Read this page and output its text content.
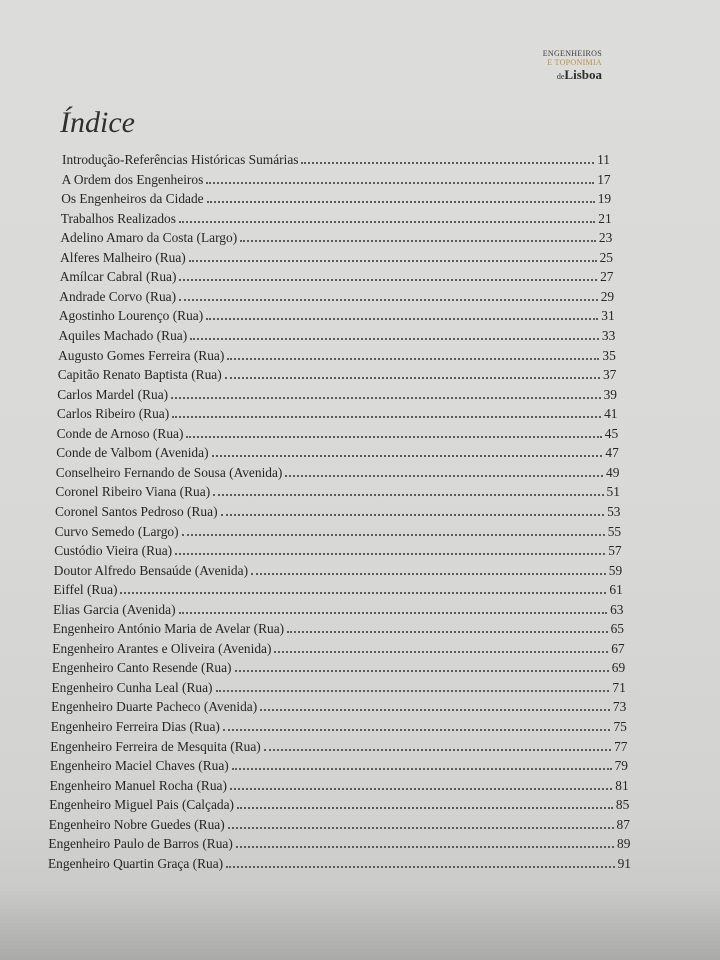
ENGENHEIROS
E TOPONIMIA
deLisboa
Índice
Introdução-Referências Históricas Sumárias	11
A Ordem dos Engenheiros	17
Os Engenheiros da Cidade	19
Trabalhos Realizados	21
Adelino Amaro da Costa (Largo)	23
Alferes Malheiro (Rua)	25
Amílcar Cabral (Rua)	27
Andrade Corvo (Rua)	29
Agostinho Lourenço (Rua)	31
Aquiles Machado (Rua)	33
Augusto Gomes Ferreira (Rua)	35
Capitão Renato Baptista (Rua)	37
Carlos Mardel (Rua)	39
Carlos Ribeiro (Rua)	41
Conde de Arnoso (Rua)	45
Conde de Valbom (Avenida)	47
Conselheiro Fernando de Sousa (Avenida)	49
Coronel Ribeiro Viana (Rua)	51
Coronel Santos Pedroso (Rua)	53
Curvo Semedo (Largo)	55
Custódio Vieira (Rua)	57
Doutor Alfredo Bensaúde (Avenida)	59
Eiffel (Rua)	61
Elias Garcia (Avenida)	63
Engenheiro António Maria de Avelar (Rua)	65
Engenheiro Arantes e Oliveira (Avenida)	67
Engenheiro Canto Resende (Rua)	69
Engenheiro Cunha Leal (Rua)	71
Engenheiro Duarte Pacheco (Avenida)	73
Engenheiro Ferreira Dias (Rua)	75
Engenheiro Ferreira de Mesquita (Rua)	77
Engenheiro Maciel Chaves (Rua)	79
Engenheiro Manuel Rocha (Rua)	81
Engenheiro Miguel Pais (Calçada)	85
Engenheiro Nobre Guedes (Rua)	87
Engenheiro Paulo de Barros (Rua)	89
Engenheiro Quartin Graça (Rua)	91
